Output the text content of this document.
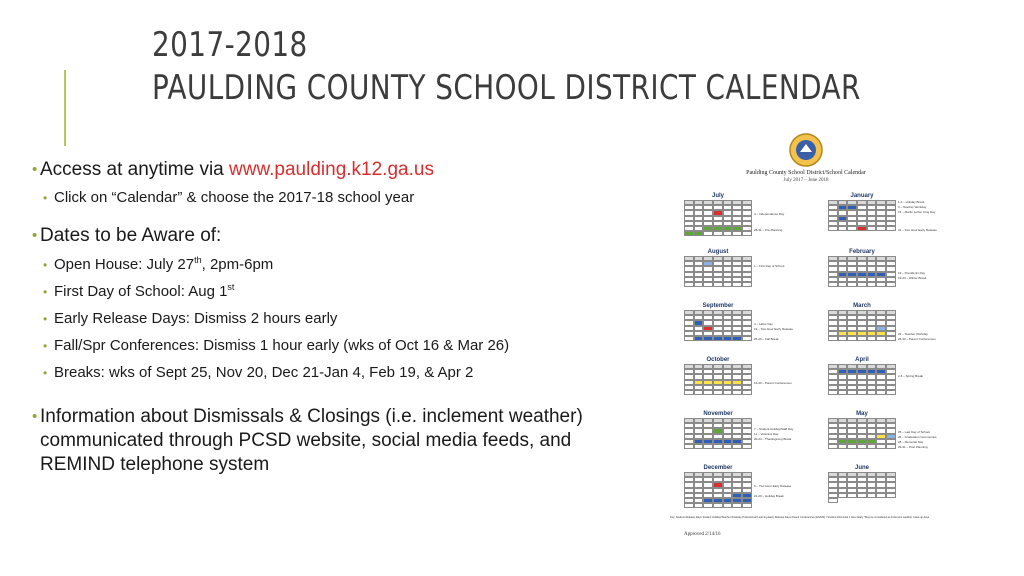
2017-2018
PAULDING COUNTY SCHOOL DISTRICT CALENDAR
• Access at anytime via www.paulding.k12.ga.us
• Click on “Calendar” & choose the 2017-18 school year
• Dates to be Aware of:
• Open House: July 27th, 2pm-6pm
• First Day of School: Aug 1st
• Early Release Days: Dismiss 2 hours early
• Fall/Spr Conferences: Dismiss 1 hour early (wks of Oct 16 & Mar 26)
• Breaks: wks of Sept 25, Nov 20, Dec 21-Jan 4, Feb 19, & Apr 2
• Information about Dismissals & Closings (i.e. inclement weather)
communicated through PCSD website, social media feeds, and
REMIND telephone system
Paulding County School District/School Calendar
July 2017 – June 2018
July
4 – Independence Day
28-31 – Pre-Planning
August
1 – First Day of School
September
4 – Labor Day
19 – Two Hour Early Release
25-29 – Fall Break
October
16-20 – Parent Conferences
November
7 – Student Holiday/Staff Day
11 – Veterans Day
20-24 – Thanksgiving Break
December
6 – Two Hour Early Release
21-29 – Holiday Break
January
1-2 – Holiday Break
3 – Teacher Workday
15 – Martin Luther King Day
31 – Two Hour Early Release
February
19 – Presidents Day
19-23 – Winter Break
March
23 – Teacher Workday
26-30 – Parent Conferences
April
2-6 – Spring Break
May
25 – Last Day of School
26 – Graduation Ceremonies
28 – Memorial Day
29-31 – Post Planning
June
Key: Student Release Days Student Holiday/Teacher Workday Professional Learning Early Release Days Parent Conferences (ES/MS) / Student Dismissal 1 Hour Early *May be considered as inclement weather make-up days
Approved 2/14/16
